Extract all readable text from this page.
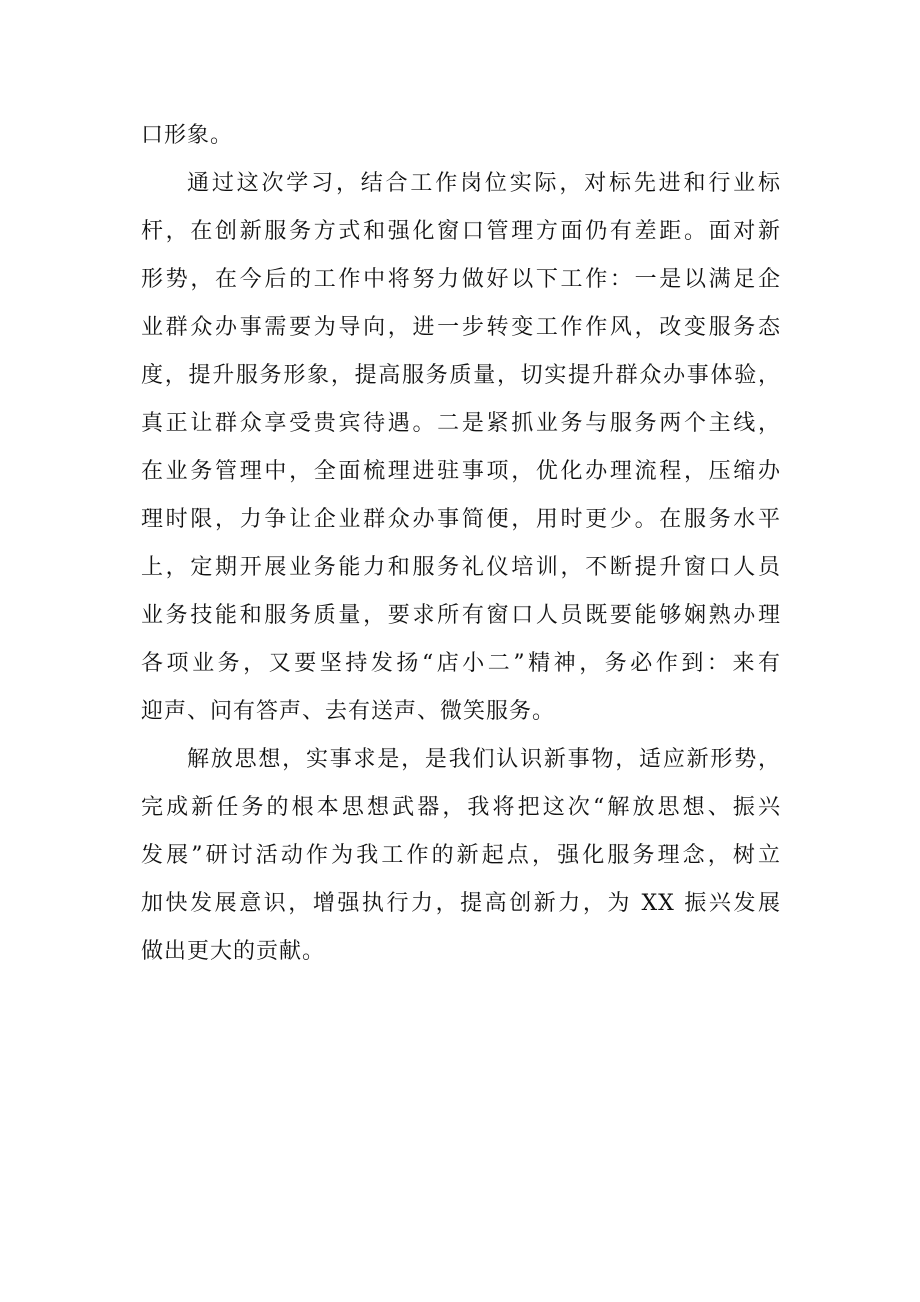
口形象。
通过这次学习，结合工作岗位实际，对标先进和行业标
杆，在创新服务方式和强化窗口管理方面仍有差距。面对新
形势，在今后的工作中将努力做好以下工作：一是以满足企
业群众办事需要为导向，进一步转变工作作风，改变服务态
度，提升服务形象，提高服务质量，切实提升群众办事体验，
真正让群众享受贵宾待遇。二是紧抓业务与服务两个主线，
在业务管理中，全面梳理进驻事项，优化办理流程，压缩办
理时限，力争让企业群众办事简便，用时更少。在服务水平
上，定期开展业务能力和服务礼仪培训，不断提升窗口人员
业务技能和服务质量，要求所有窗口人员既要能够娴熟办理
各项业务，又要坚持发扬“店小二”精神，务必作到：来有
迎声、问有答声、去有送声、微笑服务。
解放思想，实事求是，是我们认识新事物，适应新形势，
完成新任务的根本思想武器，我将把这次“解放思想、振兴
发展”研讨活动作为我工作的新起点，强化服务理念，树立
加快发展意识，增强执行力，提高创新力，为 XX 振兴发展
做出更大的贡献。
